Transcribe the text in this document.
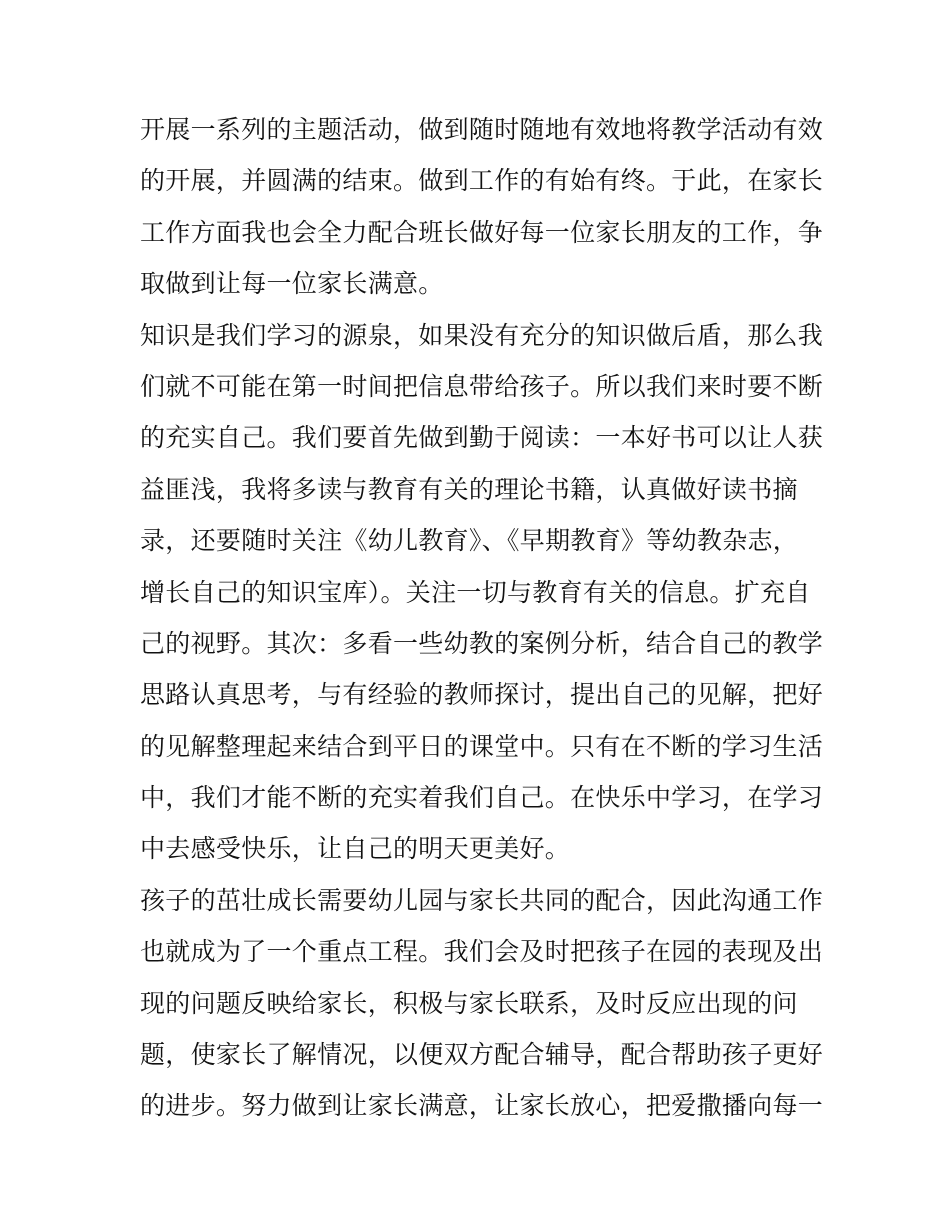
开展一系列的主题活动，做到随时随地有效地将教学活动有效
的开展，并圆满的结束。做到工作的有始有终。于此，在家长
工作方面我也会全力配合班长做好每一位家长朋友的工作，争
取做到让每一位家长满意。
知识是我们学习的源泉，如果没有充分的知识做后盾，那么我
们就不可能在第一时间把信息带给孩子。所以我们来时要不断
的充实自己。我们要首先做到勤于阅读：一本好书可以让人获
益匪浅，我将多读与教育有关的理论书籍，认真做好读书摘
录，还要随时关注《幼儿教育》、《早期教育》等幼教杂志，
增长自己的知识宝库）。关注一切与教育有关的信息。扩充自
己的视野。其次：多看一些幼教的案例分析，结合自己的教学
思路认真思考，与有经验的教师探讨，提出自己的见解，把好
的见解整理起来结合到平日的课堂中。只有在不断的学习生活
中，我们才能不断的充实着我们自己。在快乐中学习，在学习
中去感受快乐，让自己的明天更美好。
孩子的茁壮成长需要幼儿园与家长共同的配合，因此沟通工作
也就成为了一个重点工程。我们会及时把孩子在园的表现及出
现的问题反映给家长，积极与家长联系，及时反应出现的问
题，使家长了解情况，以便双方配合辅导，配合帮助孩子更好
的进步。努力做到让家长满意，让家长放心，把爱撒播向每一
